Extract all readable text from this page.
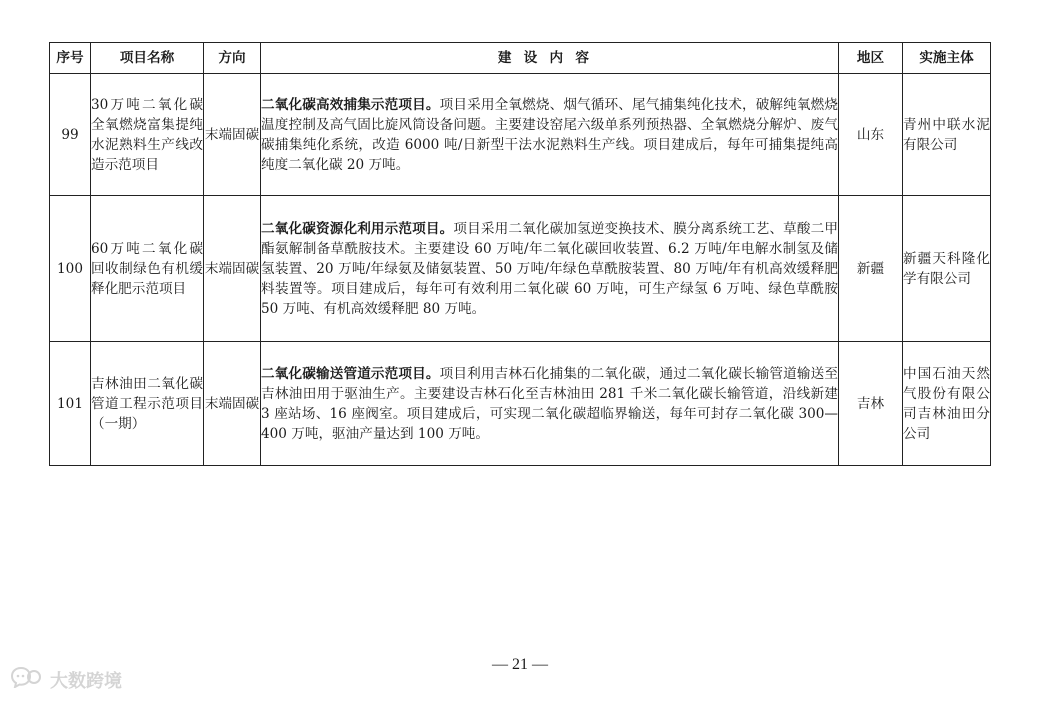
序号	项目名称	方向	建设内容	地区	实施主体
99	30万吨二氧化碳全氧燃烧富集提纯水泥熟料生产线改造示范项目	末端固碳	二氧化碳高效捕集示范项目。项目采用全氧燃烧、烟气循环、尾气捕集纯化技术，破解纯氧燃烧温度控制及高气固比旋风筒设备问题。主要建设窑尾六级单系列预热器、全氧燃烧分解炉、废气碳捕集纯化系统，改造 6000 吨/日新型干法水泥熟料生产线。项目建成后，每年可捕集提纯高纯度二氧化碳 20 万吨。	山东	青州中联水泥有限公司
100	60万吨二氧化碳回收制绿色有机缓释化肥示范项目	末端固碳	二氧化碳资源化利用示范项目。项目采用二氧化碳加氢逆变换技术、膜分离系统工艺、草酸二甲酯氨解制备草酰胺技术。主要建设 60 万吨/年二氧化碳回收装置、6.2 万吨/年电解水制氢及储氢装置、20 万吨/年绿氨及储氨装置、50 万吨/年绿色草酰胺装置、80 万吨/年有机高效缓释肥料装置等。项目建成后，每年可有效利用二氧化碳 60 万吨，可生产绿氢 6 万吨、绿色草酰胺 50 万吨、有机高效缓释肥 80 万吨。	新疆	新疆天科隆化学有限公司
101	吉林油田二氧化碳管道工程示范项目（一期）	末端固碳	二氧化碳输送管道示范项目。项目利用吉林石化捕集的二氧化碳，通过二氧化碳长输管道输送至吉林油田用于驱油生产。主要建设吉林石化至吉林油田 281 千米二氧化碳长输管道，沿线新建 3 座站场、16 座阀室。项目建成后，可实现二氧化碳超临界输送，每年可封存二氧化碳 300—400 万吨，驱油产量达到 100 万吨。	吉林	中国石油天然气股份有限公司吉林油田分公司
— 21 —
大数跨境
